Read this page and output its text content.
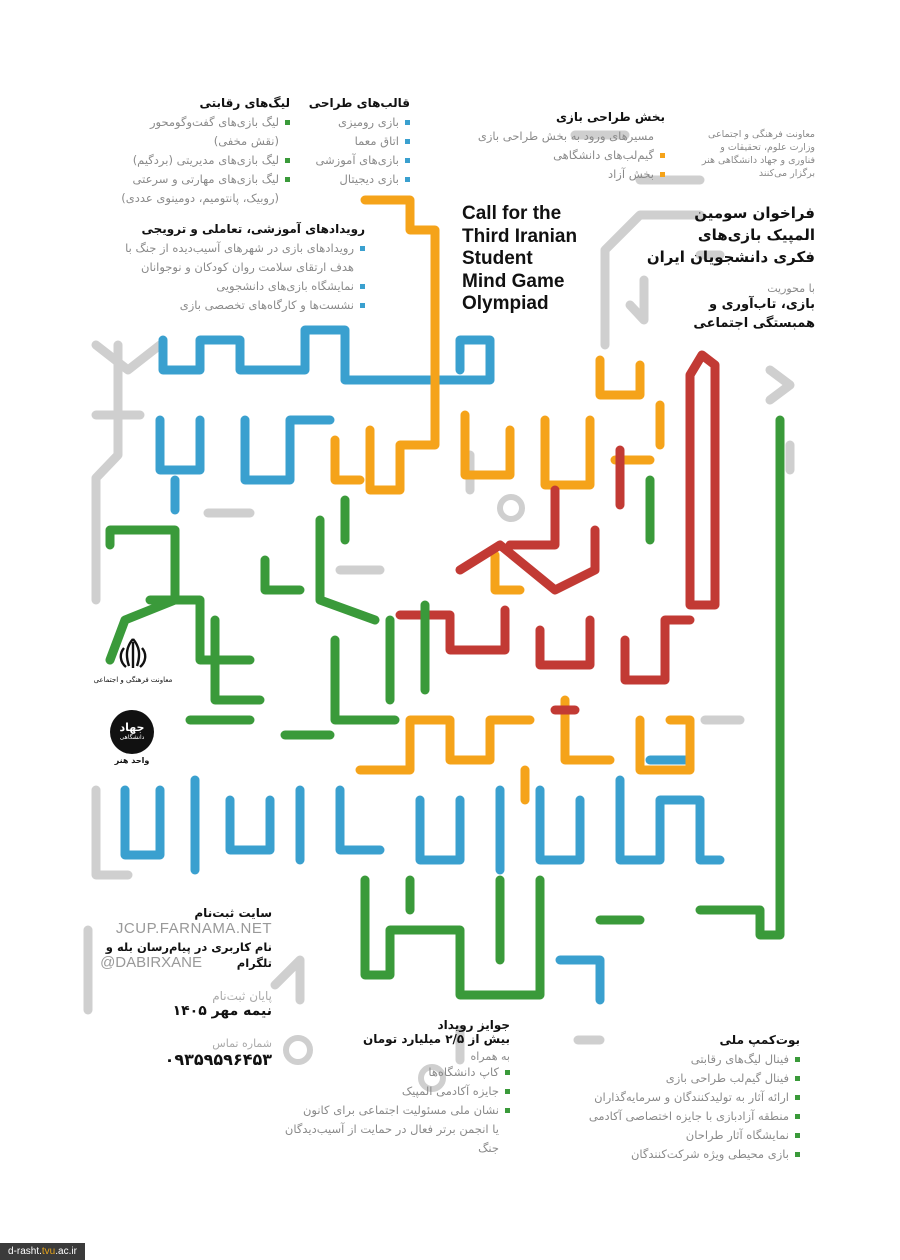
لیگ‌های رقابتی
لیگ بازی‌های گفت‌وگومحور
(نقش مخفی)
لیگ بازی‌های مدیریتی (بردگیم)
لیگ بازی‌های مهارتی و سرعتی
(روبیک، پانتومیم، دومینوی عددی)
قالب‌های طراحی
بازی رومیزی
اتاق معما
بازی‌های آموزشی
بازی دیجیتال
بخش طراحی بازی
مسیرهای ورود به بخش طراحی بازی
گیم‌لب‌های دانشگاهی
بخش آزاد
معاونت فرهنگی و اجتماعی
وزارت علوم، تحقیقات و
فناوری و جهاد دانشگاهی هنر
برگزار می‌کنند
رویدادهای آموزشی، تعاملی و ترویجی
رویدادهای بازی در شهرهای آسیب‌دیده از جنگ با
هدف ارتقای سلامت روان کودکان و نوجوانان
نمایشگاه بازی‌های دانشجویی
نشست‌ها و کارگاه‌های تخصصی بازی
Call for the
Third Iranian
Student
Mind Game
Olympiad
فراخوان سومین
المپیک بازی‌های
فکری دانشجویان ایران
با محوریت
بازی، تاب‌آوری و
همبستگی اجتماعی
معاونت فرهنگی و اجتماعی
جهاد
دانشگاهی
واحد هنر
سایت ثبت‌نام
JCUP.FARNAMA.NET
نام کاربری در پیام‌رسان بله و
تلگرام
@DABIRXANE
پایان ثبت‌نام
نیمه مهر ۱۴۰۵
شماره تماس
۰۹۳۵۹۵۹۶۴۵۳
جوایز رویداد
بیش از ۲/۵ میلیارد تومان
به همراه
کاپ دانشگاه‌ها
جایزه آکادمی المپیک
نشان ملی مسئولیت اجتماعی برای کانون
یا انجمن برتر فعال در حمایت از آسیب‌دیدگان
جنگ
بوت‌کمپ ملی
فینال لیگ‌های رقابتی
فینال گیم‌لب طراحی بازی
ارائه آثار به تولیدکنندگان و سرمایه‌گذاران
منطقه آزادبازی با جایزه اختصاصی آکادمی
نمایشگاه آثار طراحان
بازی محیطی ویژه شرکت‌کنندگان
d-rasht.tvu.ac.ir
